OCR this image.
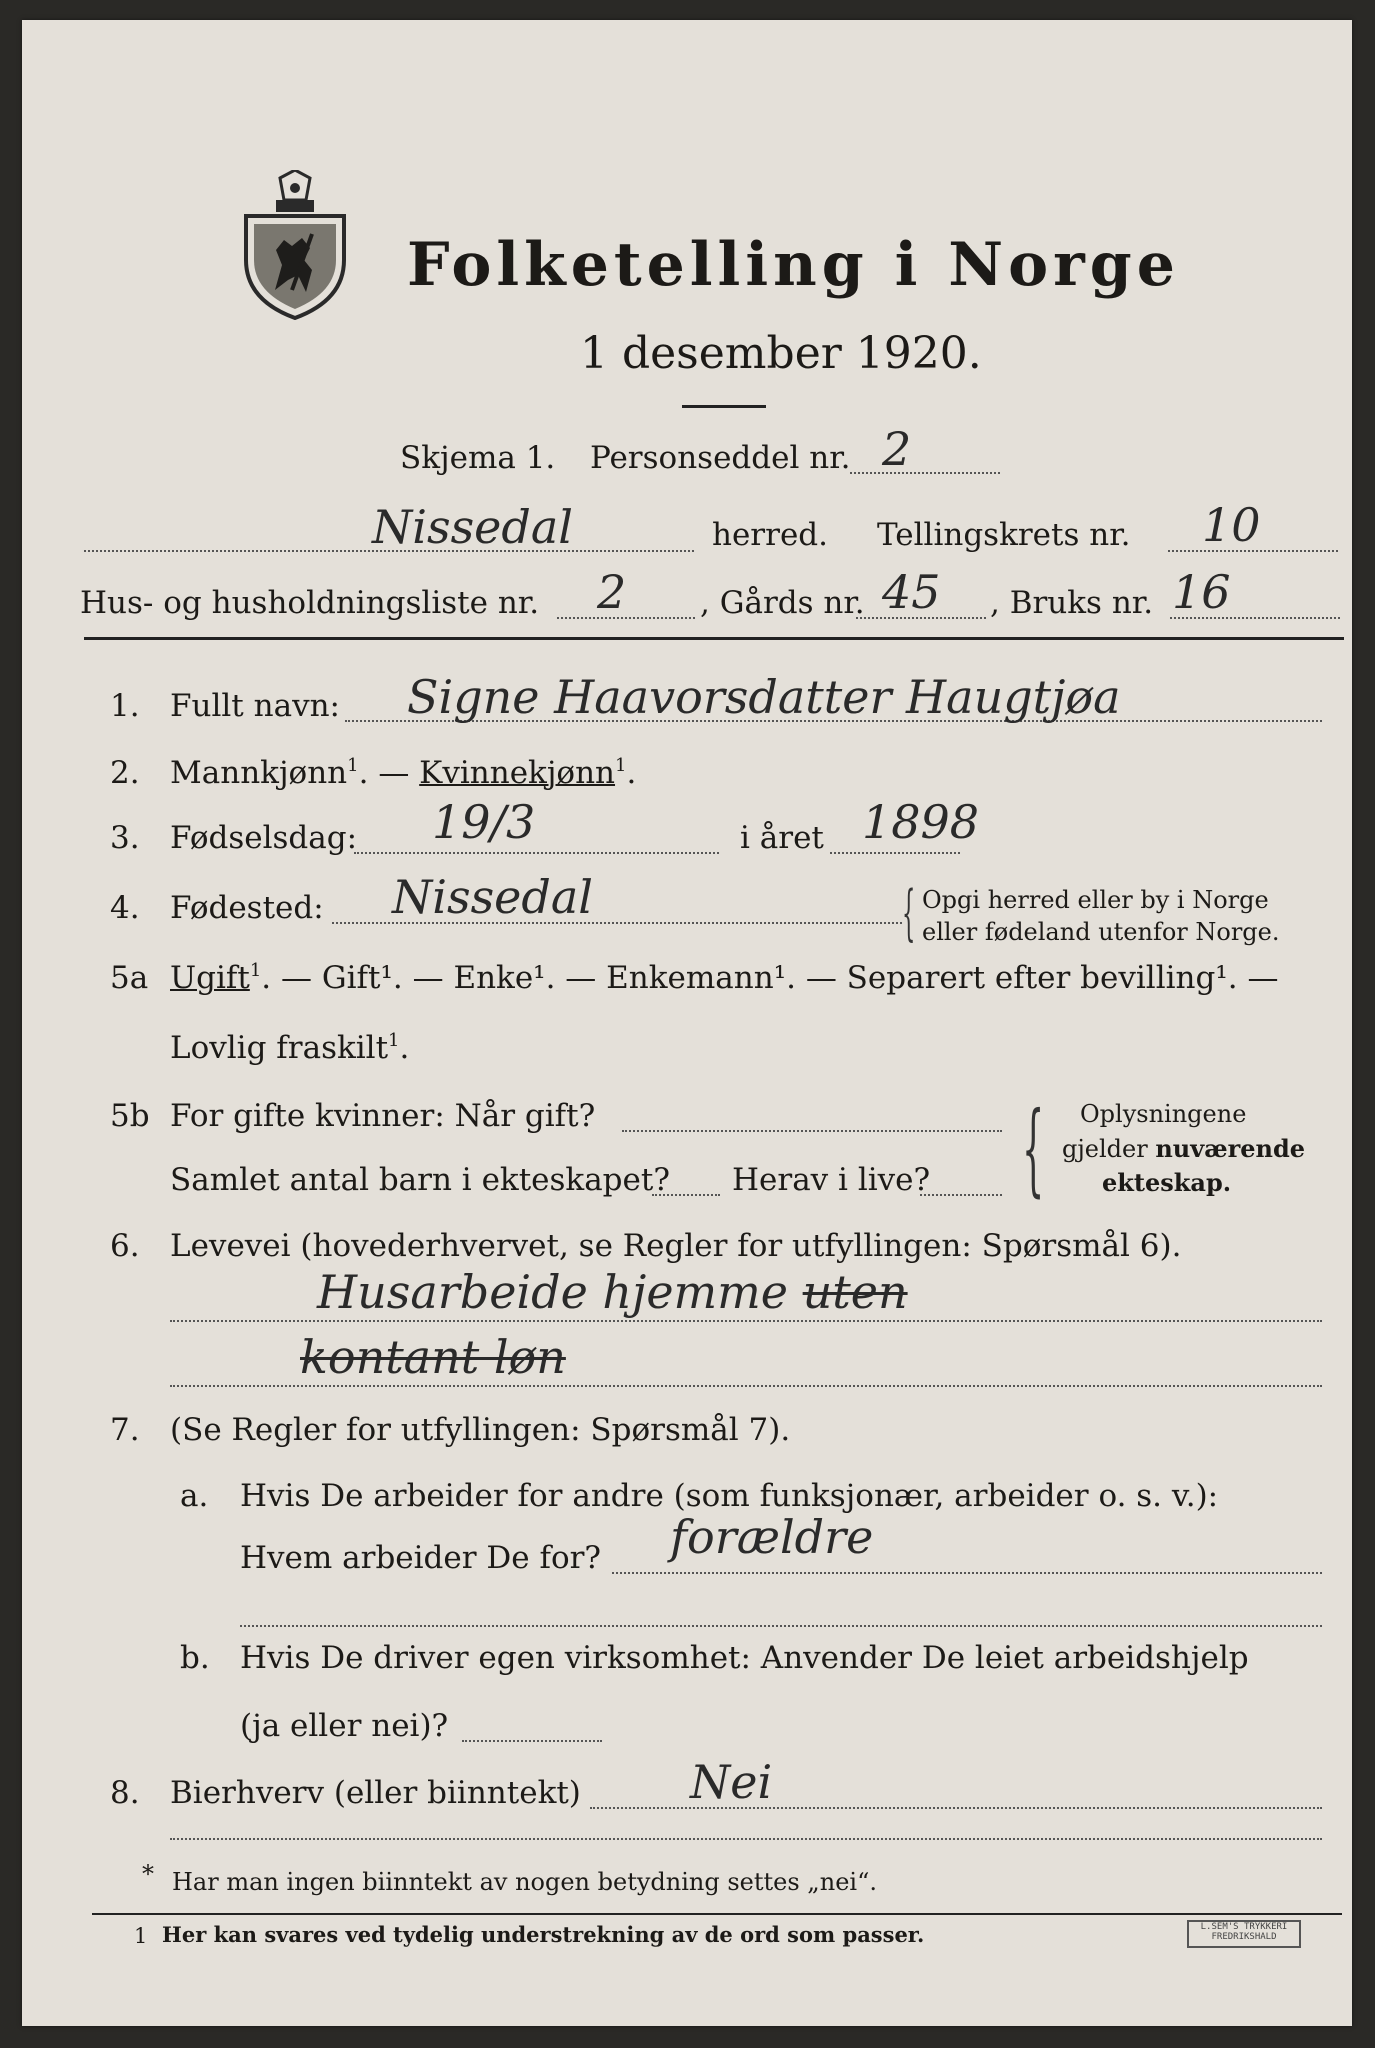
Folketelling i Norge
1 desember 1920.
Skjema 1. Personseddel nr. 2
Nissedal	herred. Tellingskrets nr. 10
Hus- og husholdningsliste nr. 2 , Gårds nr. 45 , Bruks nr. 16
1. Fullt navn: Signe Haavorsdatter Haugtjøa
2. Mannkjønn$^1$. — Kvinnekjønn$^1$.
3. Fødselsdag: 19/3	i året 1898
4. Fødested: Nissedal	{ Opgi herred eller by i Norge
eller fødeland utenfor Norge.
5a Ugift$^1$. — Gift¹. — Enke¹. — Enkemann¹. — Separert efter bevilling¹. —
Lovlig fraskilt$^1$.
5b For gifte kvinner: Når gift?
Samlet antal barn i ekteskapet? Herav i live? { Oplysningene
gjelder nuværende
ekteskap.
6. Levevei (hovederhvervet, se Regler for utfyllingen: Spørsmål 6).
Husarbeide hjemme uten
kontant løn
7. (Se Regler for utfyllingen: Spørsmål 7).
a. Hvis De arbeider for andre (som funksjonær, arbeider o. s. v.):
Hvem arbeider De for? forældre
b. Hvis De driver egen virksomhet: Anvender De leiet arbeidshjelp
(ja eller nei)?
8. Bierhverv (eller biinntekt) Nei
* Har man ingen biinntekt av nogen betydning settes „nei“.
1 Her kan svares ved tydelig understrekning av de ord som passer.	L.SEM'S TRYKKERI
FREDRIKSHALD
